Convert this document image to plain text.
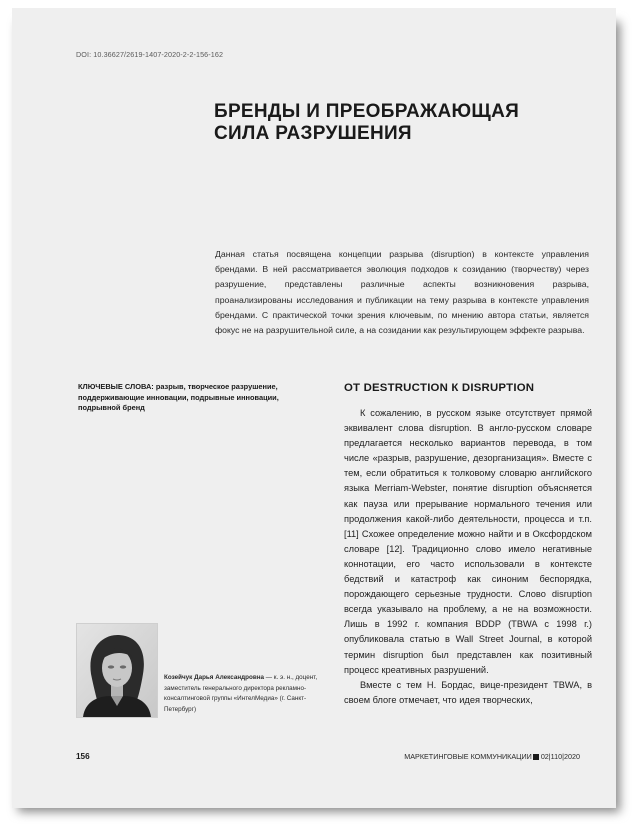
DOI: 10.36627/2619-1407-2020-2-2-156-162
БРЕНДЫ И ПРЕОБРАЖАЮЩАЯ СИЛА РАЗРУШЕНИЯ
Данная статья посвящена концепции разрыва (disruption) в контексте управления брендами. В ней рассматривается эволюция подходов к созиданию (творчеству) через разрушение, представлены различные аспекты возникновения разрыва, проанализированы исследования и публикации на тему разрыва в контексте управления брендами. С практической точки зрения ключевым, по мнению автора статьи, является фокус не на разрушительной силе, а на созидании как результирующем эффекте разрыва.
КЛЮЧЕВЫЕ СЛОВА: разрыв, творческое разрушение, поддерживающие инновации, подрывные инновации, подрывной бренд
Козейчук Дарья Александровна — к. э. н., доцент, заместитель генерального директора рекламно-консалтинговой группы «ИнтелМедиа» (г. Санкт-Петербург)
ОТ DESTRUCTION К DISRUPTION

К сожалению, в русском языке отсутствует прямой эквивалент слова disruption. В англо-русском словаре предлагается несколько вариантов перевода, в том числе «разрыв, разрушение, дезорганизация». Вместе с тем, если обратиться к толковому словарю английского языка Merriam-Webster, понятие disruption объясняется как пауза или прерывание нормального течения или продолжения какой-либо деятельности, процесса и т.п. [11] Схожее определение можно найти и в Оксфордском словаре [12]. Традиционно слово имело негативные коннотации, его часто использовали в контексте бедствий и катастроф как синоним беспорядка, порождающего серьезные трудности. Слово disruption всегда указывало на проблему, а не на возможности. Лишь в 1992 г. компания BDDP (TBWA с 1998 г.) опубликовала статью в Wall Street Journal, в которой термин disruption был представлен как позитивный процесс креативных разрушений.

Вместе с тем Н. Бордас, вице-президент TBWA, в своем блоге отмечает, что идея творческих,

156	МАРКЕТИНГОВЫЕ КОММУНИКАЦИИ 02|110|2020
